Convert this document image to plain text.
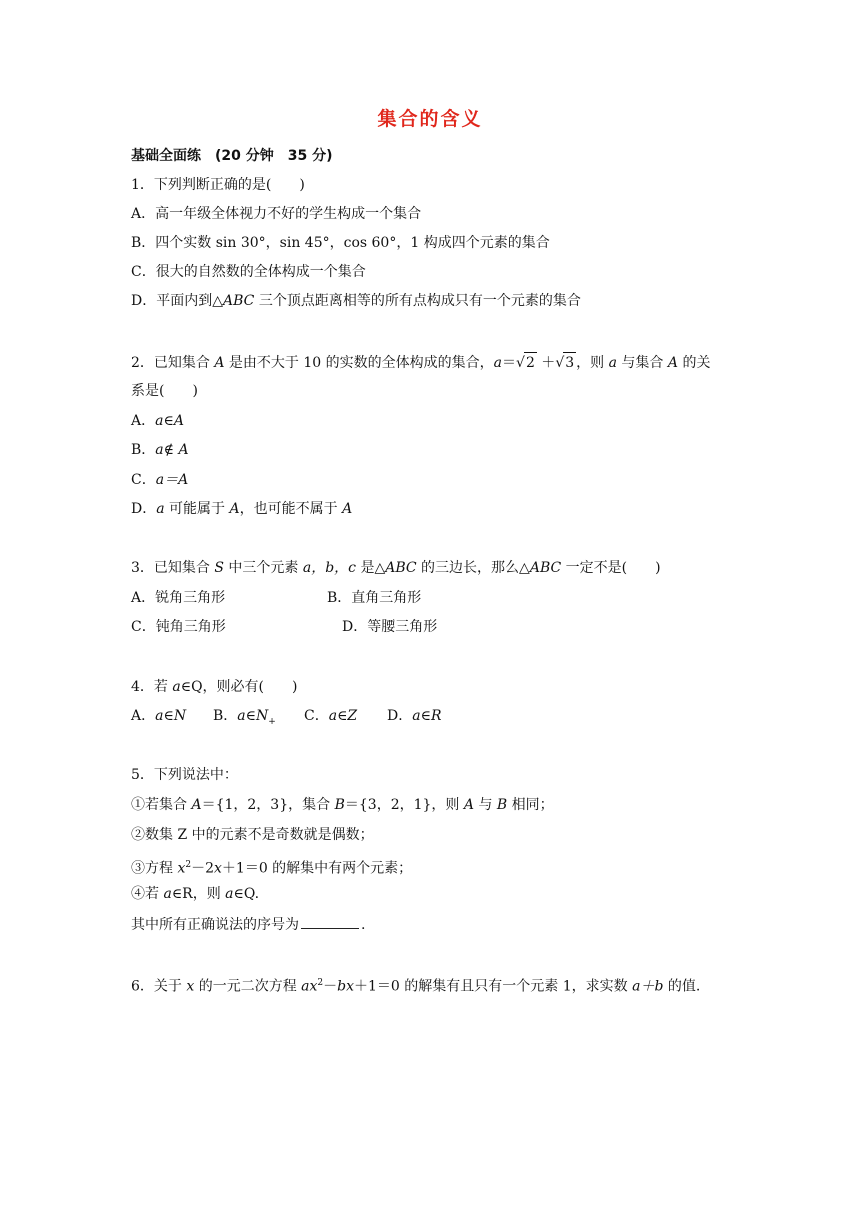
集合的含义
基础全面练　(20 分钟　35 分)
1．下列判断正确的是(　　)
A．高一年级全体视力不好的学生构成一个集合
B．四个实数 sin 30°，sin 45°，cos 60°，1 构成四个元素的集合
C．很大的自然数的全体构成一个集合
D．平面内到△ABC 三个顶点距离相等的所有点构成只有一个元素的集合
2．已知集合 A 是由不大于 10 的实数的全体构成的集合，a＝√2 ＋√3 ，则 a 与集合 A 的关
系是(　　)
A．a∈A
B．a∉ A
C．a＝A
D．a 可能属于 A，也可能不属于 A
3．已知集合 S 中三个元素 a，b，c 是△ABC 的三边长，那么△ABC 一定不是(　　)
A．锐角三角形	B．直角三角形
C．钝角三角形	D．等腰三角形
4．若 a∈Q，则必有(　　)
A．a∈N B．$a\in N_+$ C．a∈Z D．a∈R
5．下列说法中：
①若集合 A＝{1，2，3}，集合 B＝{3，2，1}，则 A 与 B 相同；
②数集 Z 中的元素不是奇数就是偶数；
③方程 $x^2-2x+1=0$ 的解集中有两个元素；
④若 a∈R，则 a∈Q.
其中所有正确说法的序号为	.
6．关于 x 的一元二次方程 $ax^2-bx+1=0$ 的解集有且只有一个元素 1，求实数 a＋b 的值.
